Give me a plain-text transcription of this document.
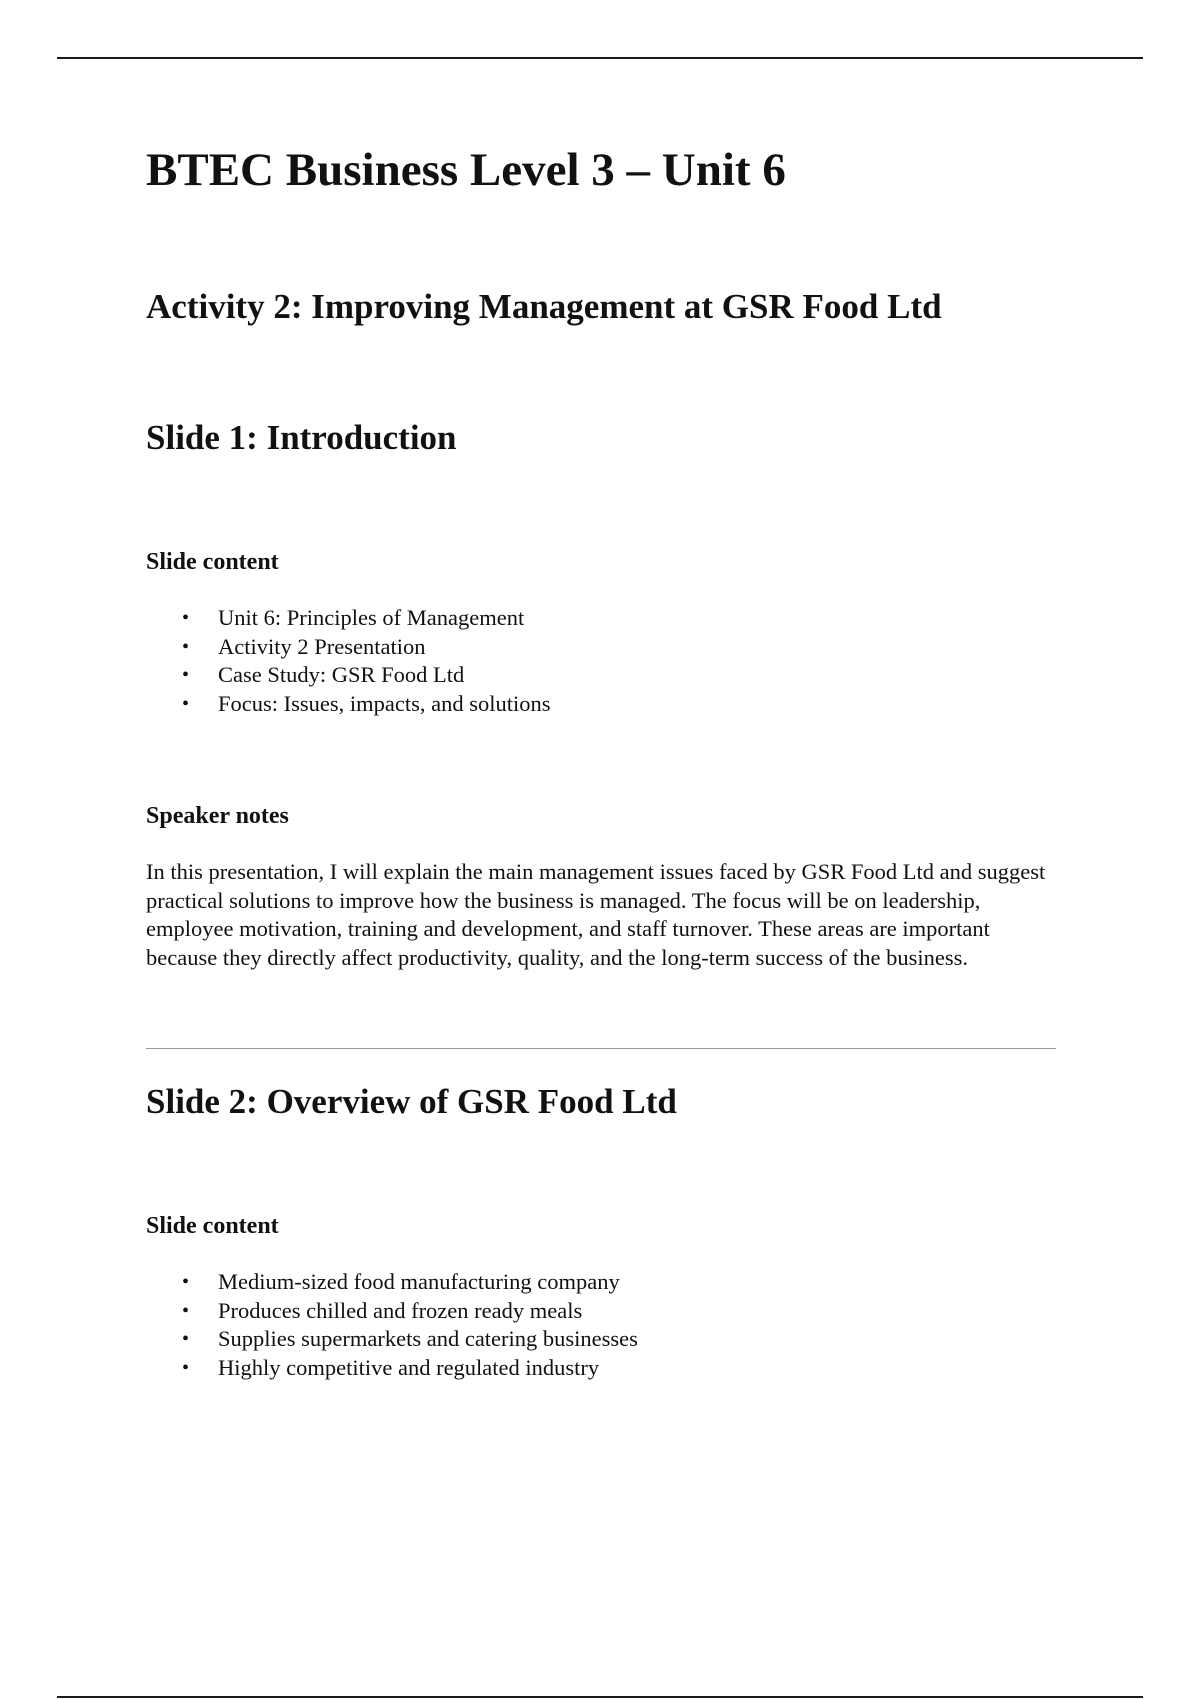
BTEC Business Level 3 – Unit 6
Activity 2: Improving Management at GSR Food Ltd
Slide 1: Introduction
Slide content
• Unit 6: Principles of Management
• Activity 2 Presentation
• Case Study: GSR Food Ltd
• Focus: Issues, impacts, and solutions
Speaker notes

In this presentation, I will explain the main management issues faced by GSR Food Ltd and suggest practical solutions to improve how the business is managed. The focus will be on leadership, employee motivation, training and development, and staff turnover. These areas are important because they directly affect productivity, quality, and the long-term success of the business.

Slide 2: Overview of GSR Food Ltd
Slide content
• Medium-sized food manufacturing company
• Produces chilled and frozen ready meals
• Supplies supermarkets and catering businesses
• Highly competitive and regulated industry
